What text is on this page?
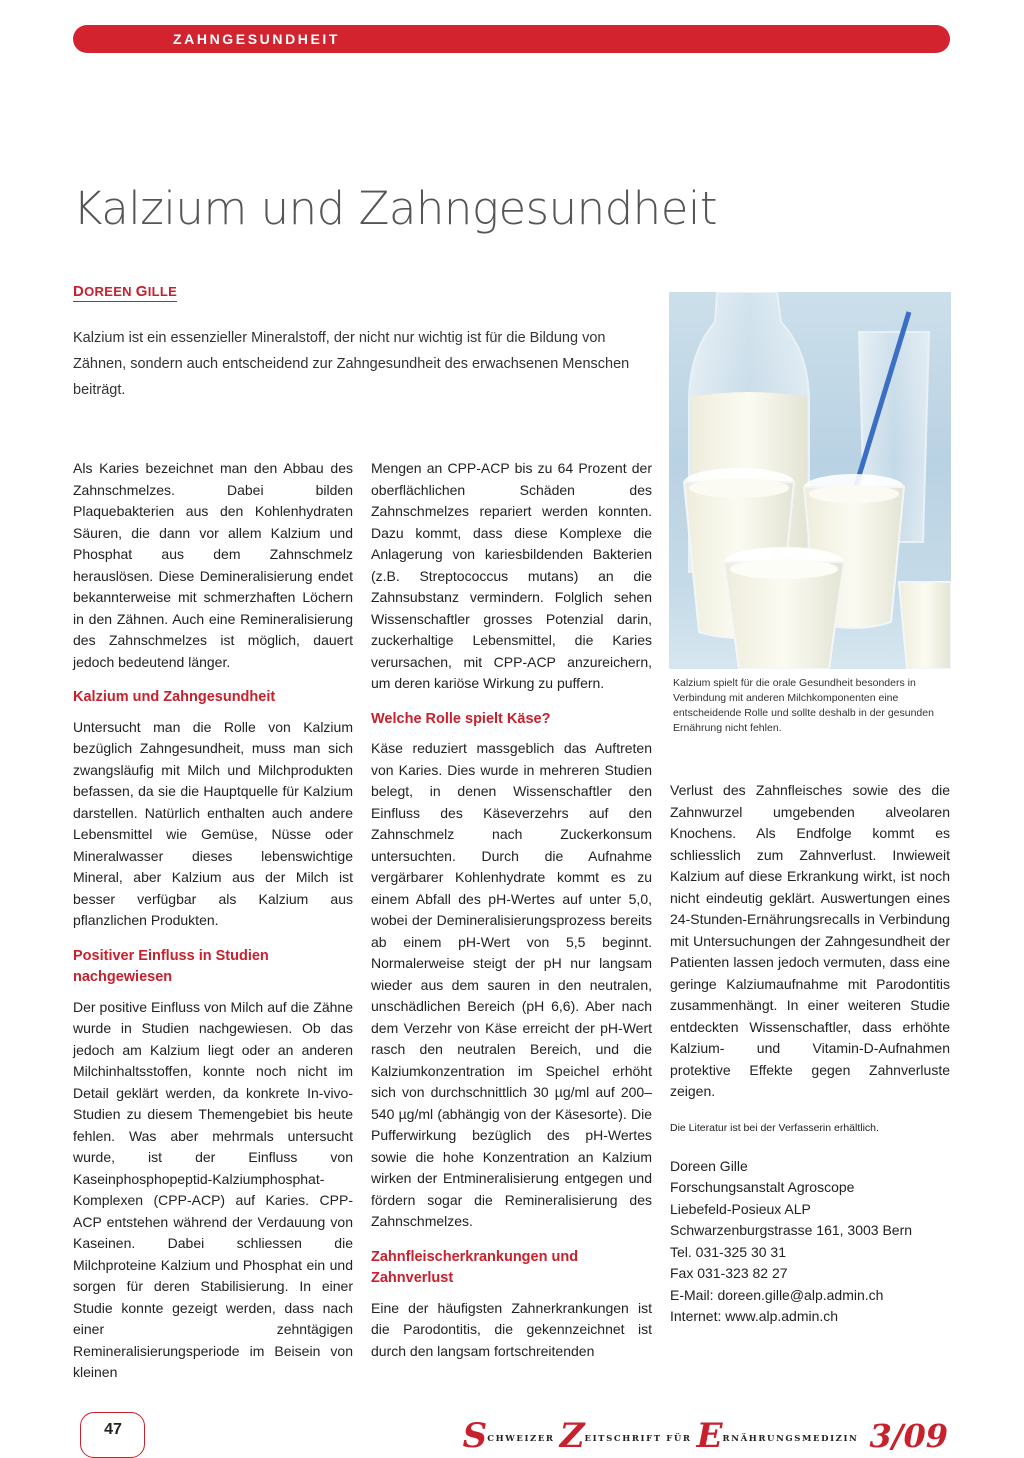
ZAHNGESUNDHEIT
Kalzium und Zahngesundheit
DOREEN GILLE

Kalzium ist ein essenzieller Mineralstoff, der nicht nur wichtig ist für die Bildung von Zähnen, sondern auch entscheidend zur Zahngesundheit des erwachsenen Menschen beiträgt.

Als Karies bezeichnet man den Abbau des Zahnschmelzes. Dabei bilden Plaquebakterien aus den Kohlenhydraten Säuren, die dann vor allem Kalzium und Phosphat aus dem Zahnschmelz herauslösen. Diese Demineralisierung endet bekannterweise mit schmerzhaften Löchern in den Zähnen. Auch eine Remineralisierung des Zahnschmelzes ist möglich, dauert jedoch bedeutend länger.

Kalzium und Zahngesundheit

Untersucht man die Rolle von Kalzium bezüglich Zahngesundheit, muss man sich zwangsläufig mit Milch und Milchprodukten befassen, da sie die Hauptquelle für Kalzium darstellen. Natürlich enthalten auch andere Lebensmittel wie Gemüse, Nüsse oder Mineralwasser dieses lebenswichtige Mineral, aber Kalzium aus der Milch ist besser verfügbar als Kalzium aus pflanzlichen Produkten.

Positiver Einfluss in Studien nachgewiesen

Der positive Einfluss von Milch auf die Zähne wurde in Studien nachgewiesen. Ob das jedoch am Kalzium liegt oder an anderen Milchinhaltsstoffen, konnte noch nicht im Detail geklärt werden, da konkrete In-vivo-Studien zu diesem Themengebiet bis heute fehlen. Was aber mehrmals untersucht wurde, ist der Einfluss von Kaseinphosphopeptid-Kalziumphosphat-Komplexen (CPP-ACP) auf Karies. CPP-ACP entstehen während der Verdauung von Kaseinen. Dabei schliessen die Milchproteine Kalzium und Phosphat ein und sorgen für deren Stabilisierung. In einer Studie konnte gezeigt werden, dass nach einer zehntägigen Remineralisierungsperiode im Beisein von kleinen

Mengen an CPP-ACP bis zu 64 Prozent der oberflächlichen Schäden des Zahnschmelzes repariert werden konnten. Dazu kommt, dass diese Komplexe die Anlagerung von kariesbildenden Bakterien (z.B. Streptococcus mutans) an die Zahnsubstanz vermindern. Folglich sehen Wissenschaftler grosses Potenzial darin, zuckerhaltige Lebensmittel, die Karies verursachen, mit CPP-ACP anzureichern, um deren kariöse Wirkung zu puffern.

Welche Rolle spielt Käse?

Käse reduziert massgeblich das Auftreten von Karies. Dies wurde in mehreren Studien belegt, in denen Wissenschaftler den Einfluss des Käseverzehrs auf den Zahnschmelz nach Zuckerkonsum untersuchten. Durch die Aufnahme vergärbarer Kohlenhydrate kommt es zu einem Abfall des pH-Wertes auf unter 5,0, wobei der Demineralisierungsprozess bereits ab einem pH-Wert von 5,5 beginnt. Normalerweise steigt der pH nur langsam wieder aus dem sauren in den neutralen, unschädlichen Bereich (pH 6,6). Aber nach dem Verzehr von Käse erreicht der pH-Wert rasch den neutralen Bereich, und die Kalziumkonzentration im Speichel erhöht sich von durchschnittlich 30 µg/ml auf 200–540 µg/ml (abhängig von der Käsesorte). Die Pufferwirkung bezüglich des pH-Wertes sowie die hohe Konzentration an Kalzium wirken der Entmineralisierung entgegen und fördern sogar die Remineralisierung des Zahnschmelzes.

Zahnfleischerkrankungen und Zahnverlust

Eine der häufigsten Zahnerkrankungen ist die Parodontitis, die gekennzeichnet ist durch den langsam fortschreitenden

Kalzium spielt für die orale Gesundheit besonders in Verbindung mit anderen Milchkomponenten eine entscheidende Rolle und sollte deshalb in der gesunden Ernährung nicht fehlen.

Verlust des Zahnfleisches sowie des die Zahnwurzel umgebenden alveolaren Knochens. Als Endfolge kommt es schliesslich zum Zahnverlust. Inwieweit Kalzium auf diese Erkrankung wirkt, ist noch nicht eindeutig geklärt. Auswertungen eines 24-Stunden-Ernährungsrecalls in Verbindung mit Untersuchungen der Zahngesundheit der Patienten lassen jedoch vermuten, dass eine geringe Kalziumaufnahme mit Parodontitis zusammenhängt. In einer weiteren Studie entdeckten Wissenschaftler, dass erhöhte Kalzium- und Vitamin-D-Aufnahmen protektive Effekte gegen Zahnverluste zeigen.

Die Literatur ist bei der Verfasserin erhältlich.

Doreen Gille
Forschungsanstalt Agroscope
Liebefeld-Posieux ALP
Schwarzenburgstrasse 161, 3003 Bern
Tel. 031-325 30 31
Fax 031-323 82 27
E-Mail: doreen.gille@alp.admin.ch
Internet: www.alp.admin.ch
47	$S^{CHWEIZER}$ $Z^{EITSCHRIFT FÜR}$ $E^{RNÄHRUNGSMEDIZIN}$ 3/09
